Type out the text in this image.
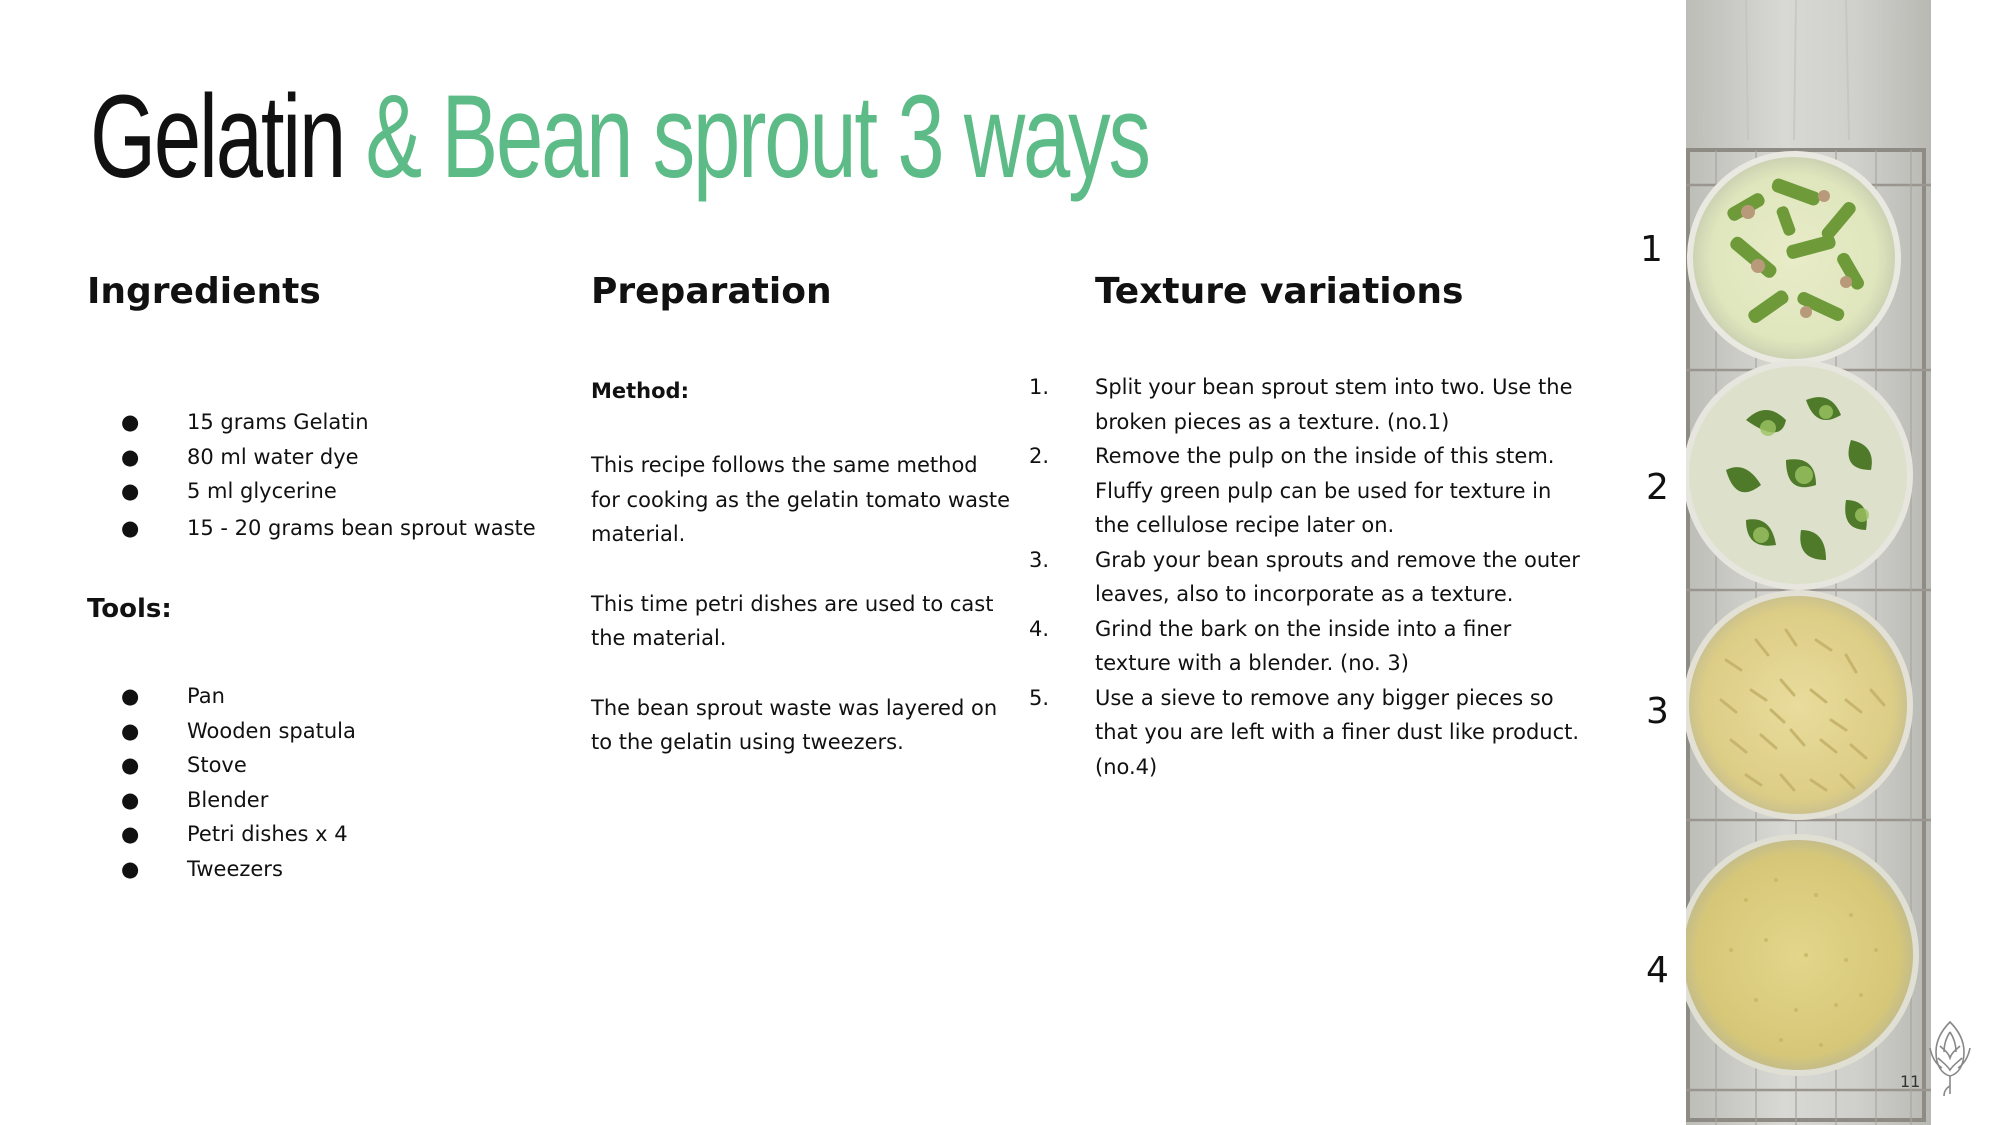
Gelatin & Bean sprout 3 ways
Ingredients
● 15 grams Gelatin
● 80 ml water dye
● 5 ml glycerine
● 15 - 20 grams bean sprout waste
Tools:
● Pan
● Wooden spatula
● Stove
● Blender
● Petri dishes x 4
● Tweezers
Preparation
Method:

This recipe follows the same method for cooking as the gelatin tomato waste material.

This time petri dishes are used to cast the material.

The bean sprout waste was layered on to the gelatin using tweezers.

Texture variations
1. Split your bean sprout stem into two. Use the broken pieces as a texture. (no.1)
2. Remove the pulp on the inside of this stem. Fluffy green pulp can be used for texture in the cellulose recipe later on.
3. Grab your bean sprouts and remove the outer leaves, also to incorporate as a texture.
4. Grind the bark on the inside into a finer texture with a blender. (no. 3)
5. Use a sieve to remove any bigger pieces so that you are left with a finer dust like product. (no.4)
1
2
3
4
11
